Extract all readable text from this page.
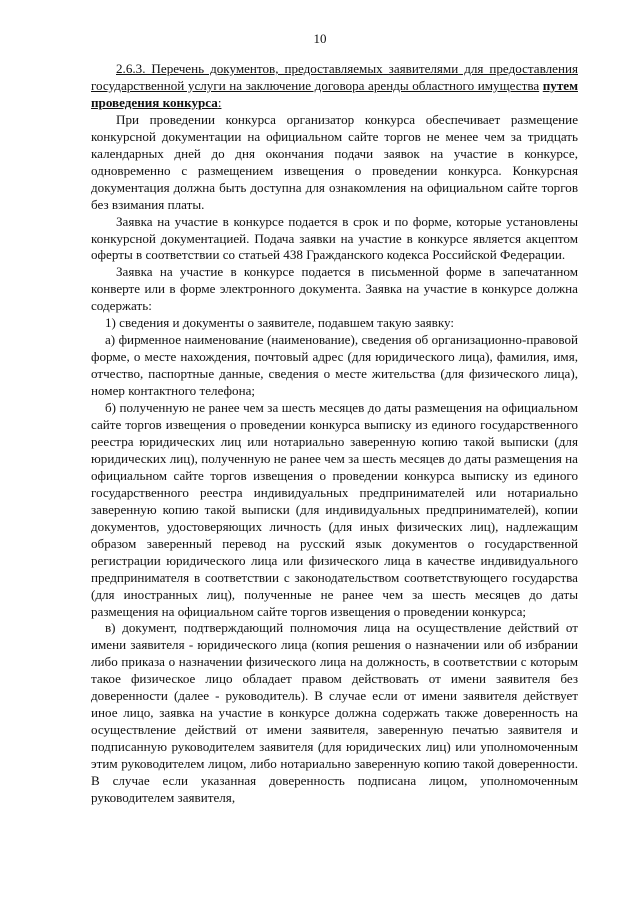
10

2.6.3. Перечень документов, предоставляемых заявителями для предоставления государственной услуги на заключение договора аренды областного имущества путем проведения конкурса:

При проведении конкурса организатор конкурса обеспечивает размещение конкурсной документации на официальном сайте торгов не менее чем за тридцать календарных дней до дня окончания подачи заявок на участие в конкурсе, одновременно с размещением извещения о проведении конкурса. Конкурсная документация должна быть доступна для ознакомления на официальном сайте торгов без взимания платы.

Заявка на участие в конкурсе подается в срок и по форме, которые установлены конкурсной документацией. Подача заявки на участие в конкурсе является акцептом оферты в соответствии со статьей 438 Гражданского кодекса Российской Федерации.

Заявка на участие в конкурсе подается в письменной форме в запечатанном конверте или в форме электронного документа. Заявка на участие в конкурсе должна содержать:

1) сведения и документы о заявителе, подавшем такую заявку:

а) фирменное наименование (наименование), сведения об организационно-правовой форме, о месте нахождения, почтовый адрес (для юридического лица), фамилия, имя, отчество, паспортные данные, сведения о месте жительства (для физического лица), номер контактного телефона;

б) полученную не ранее чем за шесть месяцев до даты размещения на официальном сайте торгов извещения о проведении конкурса выписку из единого государственного реестра юридических лиц или нотариально заверенную копию такой выписки (для юридических лиц), полученную не ранее чем за шесть месяцев до даты размещения на официальном сайте торгов извещения о проведении конкурса выписку из единого государственного реестра индивидуальных предпринимателей или нотариально заверенную копию такой выписки (для индивидуальных предпринимателей), копии документов, удостоверяющих личность (для иных физических лиц), надлежащим образом заверенный перевод на русский язык документов о государственной регистрации юридического лица или физического лица в качестве индивидуального предпринимателя в соответствии с законодательством соответствующего государства (для иностранных лиц), полученные не ранее чем за шесть месяцев до даты размещения на официальном сайте торгов извещения о проведении конкурса;

в) документ, подтверждающий полномочия лица на осуществление действий от имени заявителя - юридического лица (копия решения о назначении или об избрании либо приказа о назначении физического лица на должность, в соответствии с которым такое физическое лицо обладает правом действовать от имени заявителя без доверенности (далее - руководитель). В случае если от имени заявителя действует иное лицо, заявка на участие в конкурсе должна содержать также доверенность на осуществление действий от имени заявителя, заверенную печатью заявителя и подписанную руководителем заявителя (для юридических лиц) или уполномоченным этим руководителем лицом, либо нотариально заверенную копию такой доверенности. В случае если указанная доверенность подписана лицом, уполномоченным руководителем заявителя,
